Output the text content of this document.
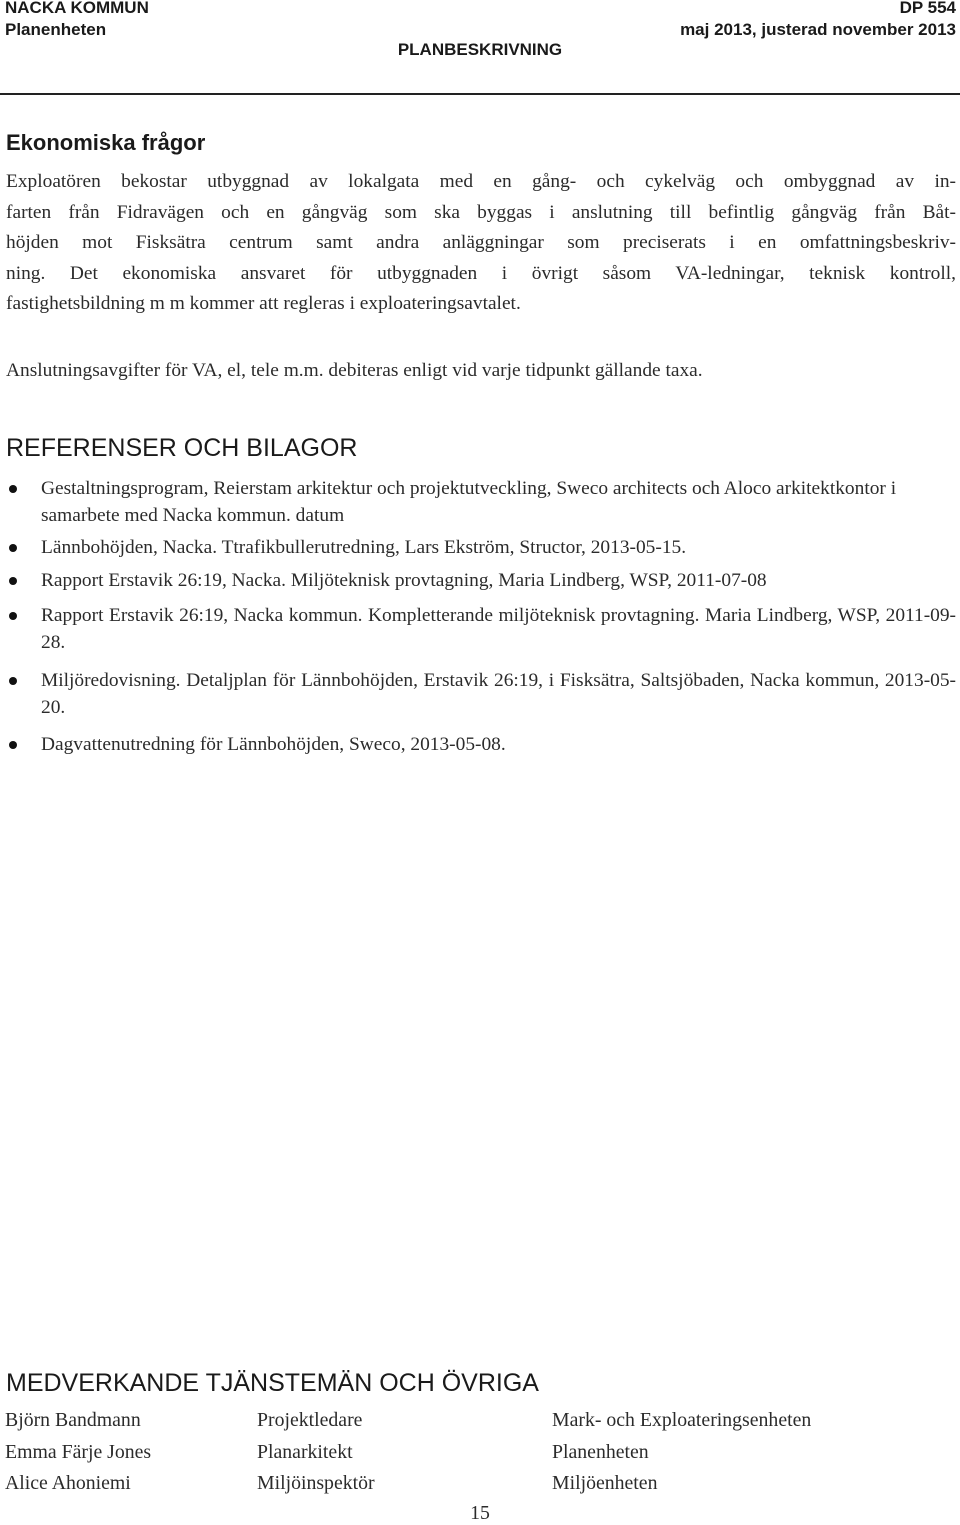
NACKA KOMMUN
Planenheten
PLANBESKRIVNING
DP 554
maj 2013, justerad november 2013
Ekonomiska frågor
Exploatören bekostar utbyggnad av lokalgata med en gång- och cykelväg och ombyggnad av in-
farten från Fidravägen och en gångväg som ska byggas i anslutning till befintlig gångväg från Båt-
höjden mot Fisksätra centrum samt andra anläggningar som preciserats i en omfattningsbeskriv-
ning. Det ekonomiska ansvaret för utbyggnaden i övrigt såsom VA-ledningar, teknisk kontroll,
fastighetsbildning m m kommer att regleras i exploateringsavtalet.
Anslutningsavgifter för VA, el, tele m.m. debiteras enligt vid varje tidpunkt gällande taxa.
REFERENSER OCH BILAGOR
Gestaltningsprogram, Reierstam arkitektur och projektutveckling, Sweco architects och Aloco arkitektkontor i samarbete med Nacka kommun. datum
Lännbohöjden, Nacka. Ttrafikbullerutredning, Lars Ekström, Structor, 2013-05-15.
Rapport Erstavik 26:19, Nacka. Miljöteknisk provtagning, Maria Lindberg, WSP, 2011-07-08
Rapport Erstavik 26:19, Nacka kommun. Kompletterande miljöteknisk provtagning. Maria Lindberg, WSP, 2011-09-28.
Miljöredovisning. Detaljplan för Lännbohöjden, Erstavik 26:19, i Fisksätra, Saltsjöbaden, Nacka kommun, 2013-05-20.
Dagvattenutredning för Lännbohöjden, Sweco, 2013-05-08.
MEDVERKANDE TJÄNSTEMÄN OCH ÖVRIGA
Björn Bandmann	Projektledare	Mark- och Exploateringsenheten
Emma Färje Jones	Planarkitekt	Planenheten
Alice Ahoniemi	Miljöinspektör	Miljöenheten
15
